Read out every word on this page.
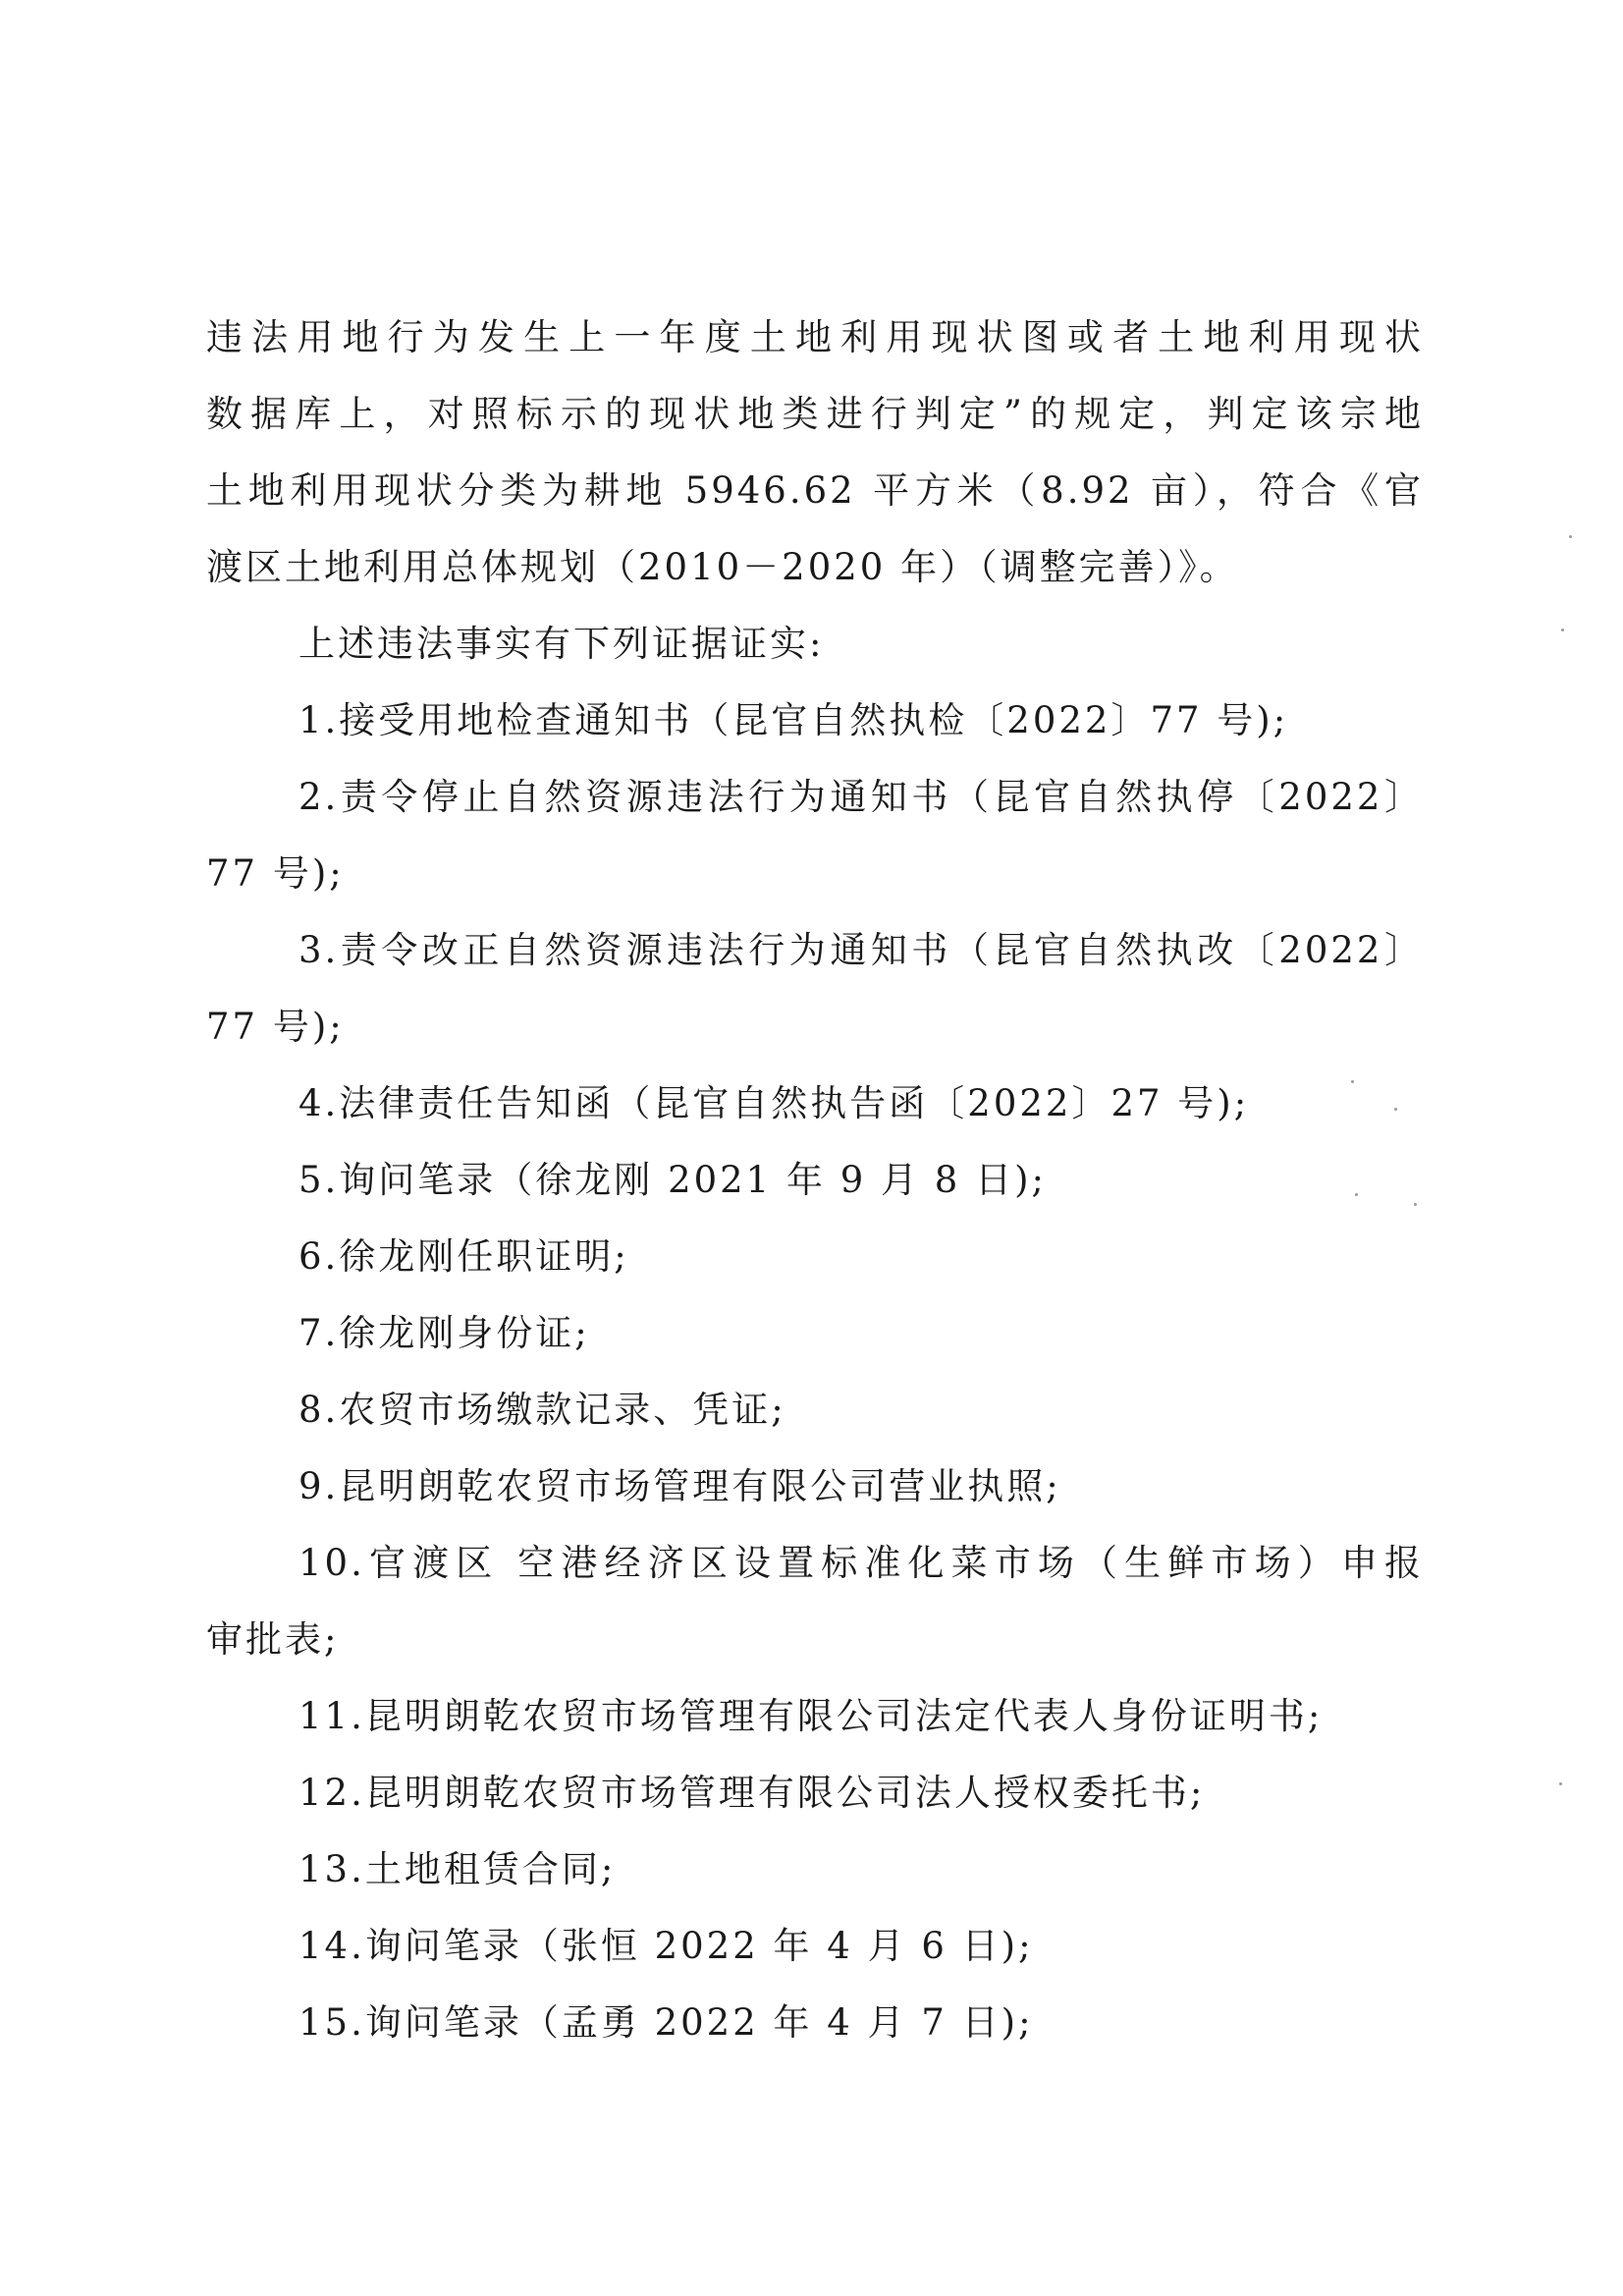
违法用地行为发生上一年度土地利用现状图或者土地利用现状
数据库上，对照标示的现状地类进行判定”的规定，判定该宗地
土地利用现状分类为耕地 5946.62 平方米（8.92 亩），符合《官
渡区土地利用总体规划（2010－2020 年）（调整完善）》。
上述违法事实有下列证据证实:
1.接受用地检查通知书（昆官自然执检〔2022〕77 号);
2.责令停止自然资源违法行为通知书（昆官自然执停〔2022〕
77 号);
3.责令改正自然资源违法行为通知书（昆官自然执改〔2022〕
77 号);
4.法律责任告知函（昆官自然执告函〔2022〕27 号);
5.询问笔录（徐龙刚 2021 年 9 月 8 日);
6.徐龙刚任职证明;
7.徐龙刚身份证;
8.农贸市场缴款记录、凭证;
9.昆明朗乾农贸市场管理有限公司营业执照;
10.官渡区 空港经济区设置标准化菜市场（生鲜市场）申报
审批表;
11.昆明朗乾农贸市场管理有限公司法定代表人身份证明书;
12.昆明朗乾农贸市场管理有限公司法人授权委托书;
13.土地租赁合同;
14.询问笔录（张恒 2022 年 4 月 6 日);
15.询问笔录（孟勇 2022 年 4 月 7 日);
